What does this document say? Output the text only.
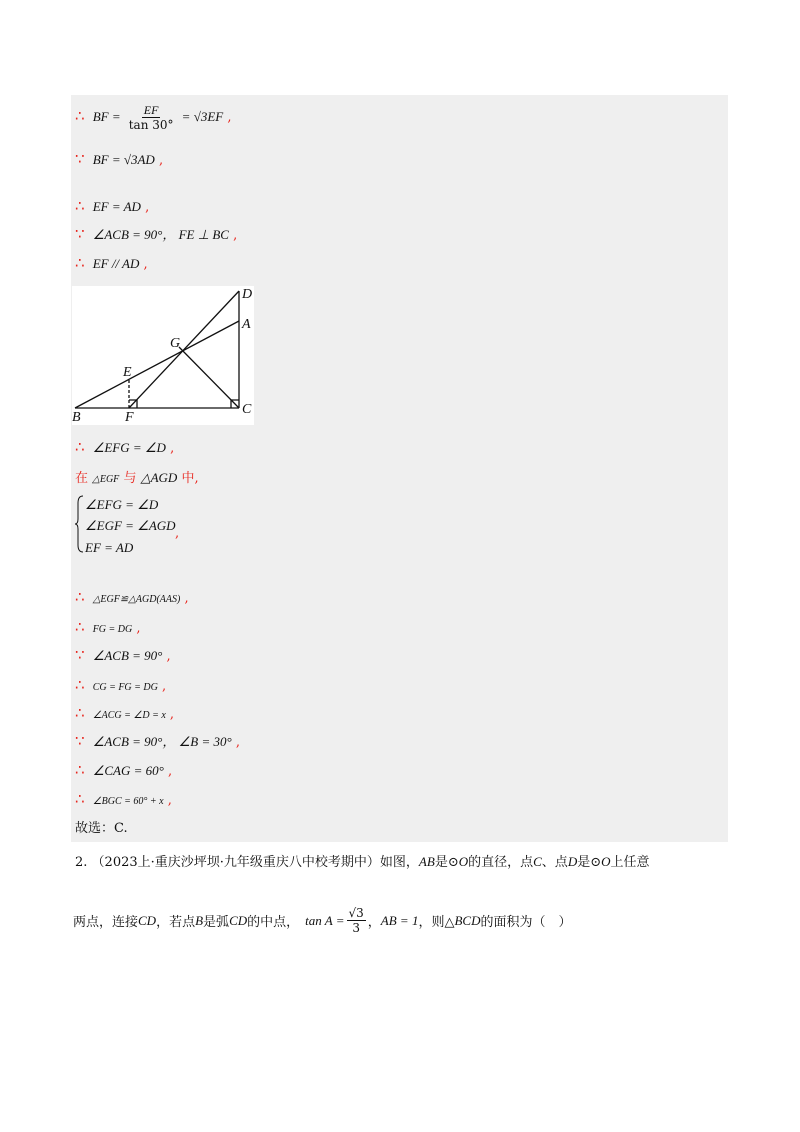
∴ BF = $\frac{EF}{\tan 30^\circ} = √3EF$ ,
∵ BF = √3AD ,
∴ EF = AD ,
∵ ∠ACB = 90°， FE ⊥ BC ,
∴ EF // AD ,
D
A
G
E
B	F
C
∴ ∠EFG = ∠D ,
在 △EGF 与 △AGD 中,
∠EFG = ∠D
∠EGF = ∠AGD
EF = AD
,
∴ △EGF≌△AGD(AAS) ,
∴ FG = DG ,
∵ ∠ACB = 90° ,
∴ CG = FG = DG ,
∴ ∠ACG = ∠D = x ,
∵ ∠ACB = 90°， ∠B = 30° ,
∴ ∠CAG = 60° ,
∴ ∠BGC = 60° + x ,
故选：C.
2. （2023上·重庆沙坪坝·九年级重庆八中校考期中）如图，AB是⊙O的直径，点C、点D是⊙O上任意
两点，连接 CD ，若点 B 是弧 CD 的中点， $\tan A = \frac{√3}{3}$ ， AB = 1 ，则△ BCD 的面积为（　）
